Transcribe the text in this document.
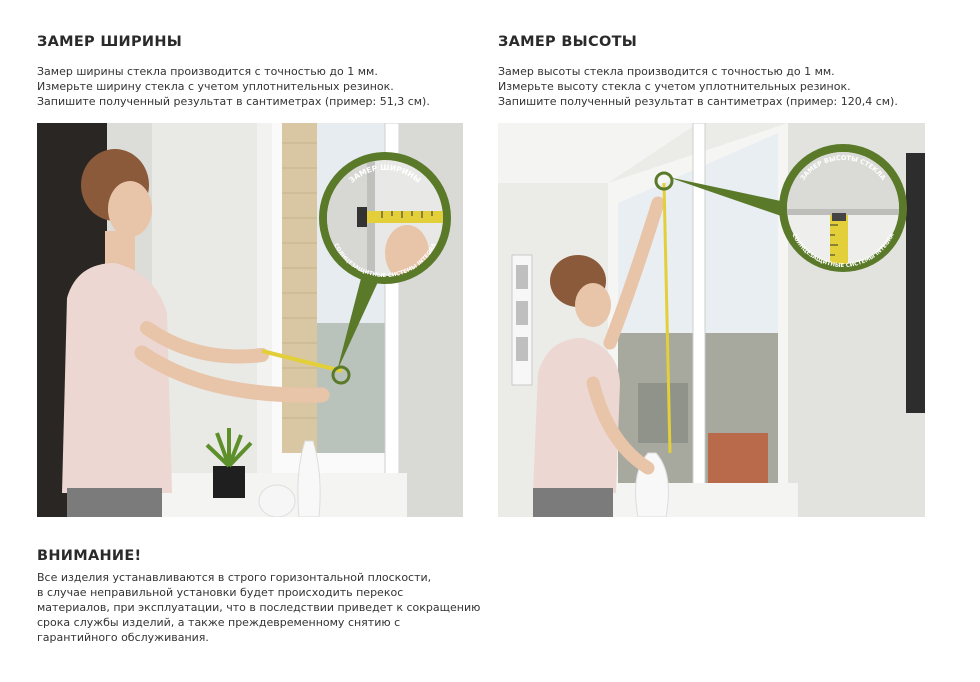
ЗАМЕР ШИРИНЫ
Замер ширины стекла производится с точностью до 1 мм.
Измерьте ширину стекла с учетом уплотнительных резинок.
Запишите полученный результат в сантиметрах (пример: 51,3 см).
ЗАМЕР ШИРИНЫ
СОЛНЦЕЗАЩИТНЫЕ СИСТЕМЫ INTEGRA
ЗАМЕР ВЫСОТЫ
Замер высоты стекла производится с точностью до 1 мм.
Измерьте высоту стекла с учетом уплотнительных резинок.
Запишите полученный результат в сантиметрах (пример: 120,4 см).
ЗАМЕР ВЫСОТЫ СТЕКЛА
СОЛНЦЕЗАЩИТНЫЕ СИСТЕМЫ INTEGRA
ВНИМАНИЕ!
Все изделия устанавливаются в строго горизонтальной плоскости,
в случае неправильной установки будет происходить перекос
материалов, при эксплуатации, что в последствии приведет к сокращению
срока службы изделий, а также преждевременному снятию с
гарантийного обслуживания.
